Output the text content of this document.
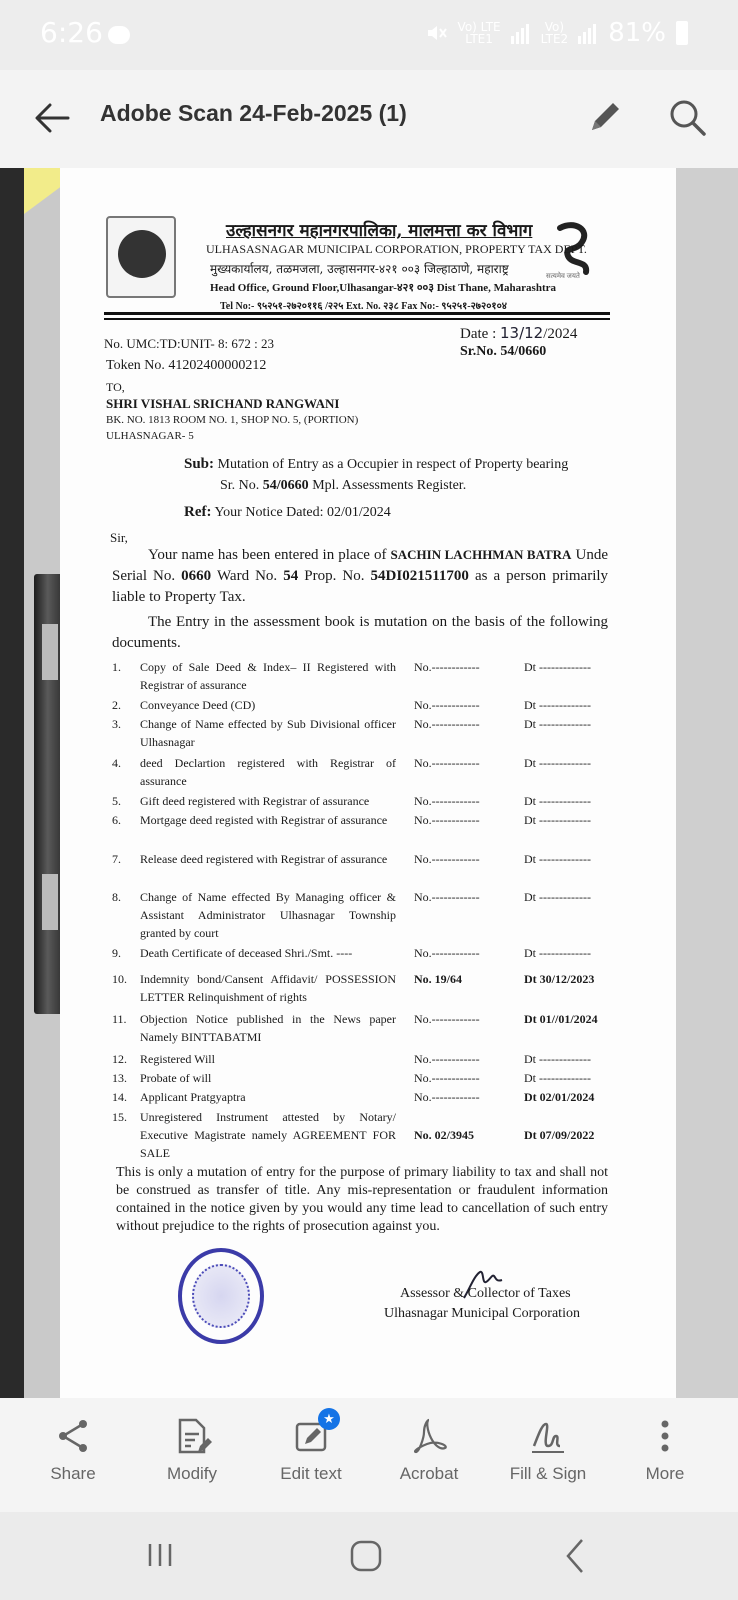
6:26	Vo) LTE
LTE1
Vo)
LTE2 81%
Adobe Scan 24-Feb-2025 (1)
सत्यमेव जयते
उल्हासनगर महानगरपालिका, मालमत्ता कर विभाग
ULHASASNAGAR MUNICIPAL CORPORATION, PROPERTY TAX DEPT.
मुख्यकार्यालय, तळमजला, उल्हासनगर-४२१ ००३ जिल्हाठाणे, महाराष्ट्र
Head Office, Ground Floor,Ulhasangar-४२१ ००३ Dist Thane, Maharashtra
Tel No:- ९५२५१-२७२०११६ /२२५ Ext. No. २३८ Fax No:- ९५२५१-२७२०१०४
No. UMC:TD:UNIT- 8: 672 : 23
Date : 13/12/2024
Token No. 41202400000212
Sr.No. 54/0660
TO,
SHRI VISHAL SRICHAND RANGWANI
BK. NO. 1813 ROOM NO. 1, SHOP NO. 5, (PORTION)
ULHASNAGAR- 5
Sub: Mutation of Entry as a Occupier in respect of Property bearing
Sr. No. 54/0660 Mpl. Assessments Register.
Ref: Your Notice Dated: 02/01/2024
Sir,
Your name has been entered in place of SACHIN LACHHMAN BATRA Unde Serial No. 0660 Ward No. 54 Prop. No. 54DI021511700 as a person primarily liable to Property Tax.
The Entry in the assessment book is mutation on the basis of the following documents.
1. Copy of Sale Deed & Index– II Registered with Registrar of assurance
No.------------	Dt -------------
2. Conveyance Deed (CD)	No.------------	Dt -------------
3. Change of Name effected by Sub Divisional officer Ulhasnagar
No.------------	Dt -------------
4. deed Declartion registered with Registrar of assurance
No.------------	Dt -------------
5. Gift deed registered with Registrar of assurance	No.------------	Dt -------------
6. Mortgage deed registed with Registrar of assurance	No.------------	Dt -------------
7. Release deed registered with Registrar of assurance	No.------------	Dt -------------
8. Change of Name effected By Managing officer & Assistant Administrator Ulhasnagar Township granted by court
No.------------	Dt -------------
9. Death Certificate of deceased Shri./Smt. ----	No.------------	Dt -------------
10. Indemnity bond/Cansent Affidavit/ POSSESSION LETTER Relinquishment of rights
No. 19/64	Dt 30/12/2023
11. Objection Notice published in the News paper Namely BINTTABATMI
No.------------	Dt 01//01/2024
12. Registered Will	No.------------	Dt -------------
13. Probate of will	No.------------	Dt -------------
14. Applicant Pratgyaptra	No.------------	Dt 02/01/2024
15. Unregistered Instrument attested by Notary/ Executive Magistrate namely AGREEMENT FOR SALE
No. 02/3945	Dt 07/09/2022
This is only a mutation of entry for the purpose of primary liability to tax and shall not be construed as transfer of title. Any mis-representation or fraudulent information contained in the notice given by you would any time lead to cancellation of such entry without prejudice to the rights of prosecution against you.
Assessor & Collector of Taxes
Ulhasnagar Municipal Corporation
Share	Modify
★
Edit text	Acrobat	Fill & Sign	More
